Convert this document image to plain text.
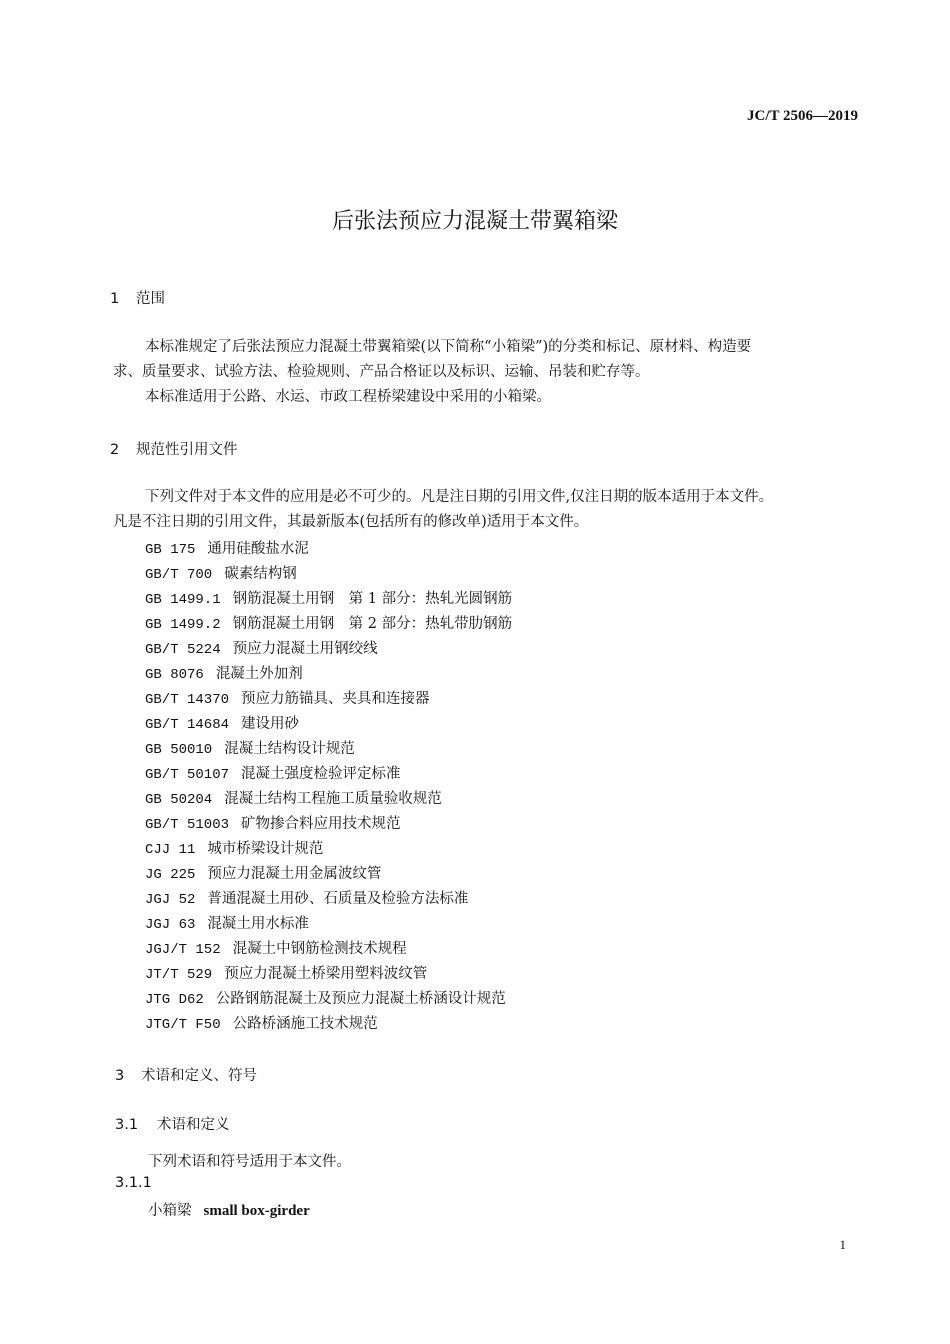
JC/T 2506—2019
后张法预应力混凝土带翼箱梁
1 范围
本标准规定了后张法预应力混凝土带翼箱梁(以下简称“小箱梁”)的分类和标记、原材料、构造要
求、质量要求、试验方法、检验规则、产品合格证以及标识、运输、吊装和贮存等。
本标准适用于公路、水运、市政工程桥梁建设中采用的小箱梁。
2 规范性引用文件
下列文件对于本文件的应用是必不可少的。凡是注日期的引用文件,仅注日期的版本适用于本文件。
凡是不注日期的引用文件，其最新版本(包括所有的修改单)适用于本文件。
GB 175 通用硅酸盐水泥
GB/T 700 碳素结构钢
GB 1499.1 钢筋混凝土用钢　第 1 部分：热轧光圆钢筋
GB 1499.2 钢筋混凝土用钢　第 2 部分：热轧带肋钢筋
GB/T 5224 预应力混凝土用钢绞线
GB 8076 混凝土外加剂
GB/T 14370 预应力筋锚具、夹具和连接器
GB/T 14684 建设用砂
GB 50010 混凝土结构设计规范
GB/T 50107 混凝土强度检验评定标准
GB 50204 混凝土结构工程施工质量验收规范
GB/T 51003 矿物掺合料应用技术规范
CJJ 11 城市桥梁设计规范
JG 225 预应力混凝土用金属波纹管
JGJ 52 普通混凝土用砂、石质量及检验方法标准
JGJ 63 混凝土用水标准
JGJ/T 152 混凝土中钢筋检测技术规程
JT/T 529 预应力混凝土桥梁用塑料波纹管
JTG D62 公路钢筋混凝土及预应力混凝土桥涵设计规范
JTG/T F50 公路桥涵施工技术规范
3 术语和定义、符号
3.1 术语和定义
下列术语和符号适用于本文件。
3.1.1
小箱梁 small box-girder
1
